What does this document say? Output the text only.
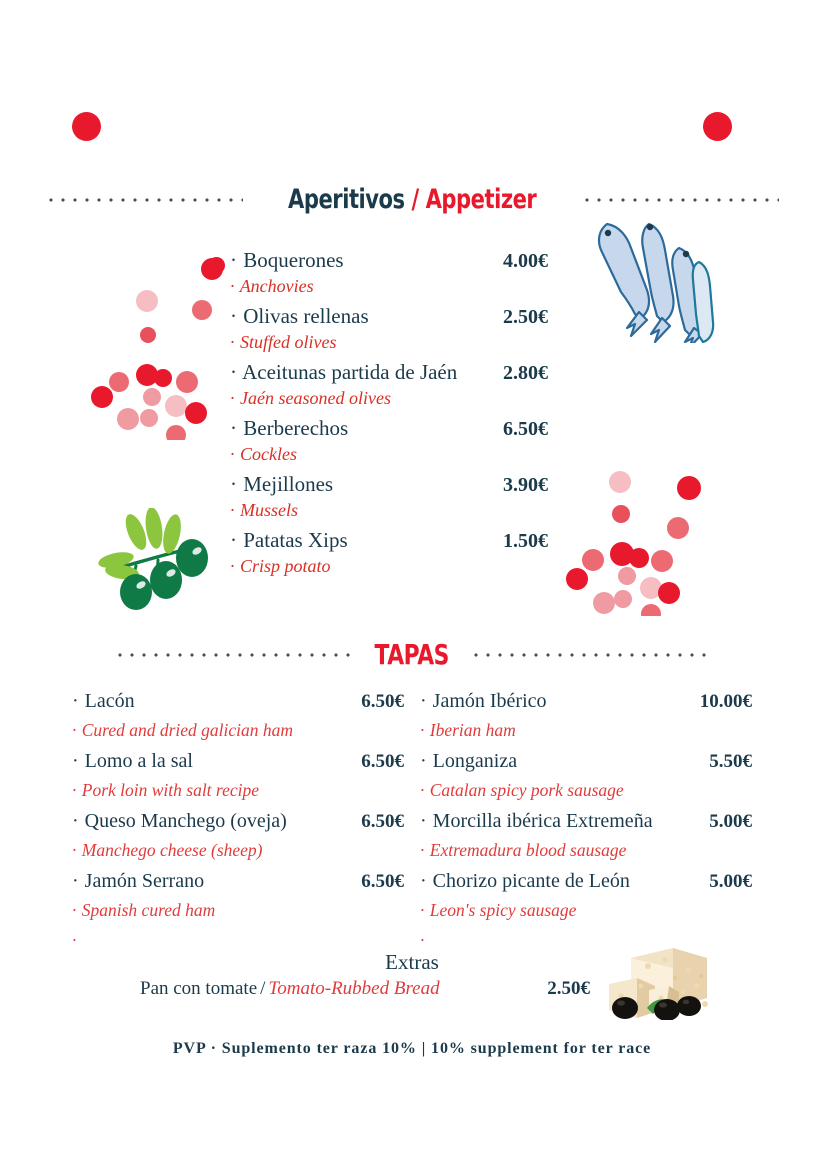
Aperitivos / Appetizer
· Boquerones	4.00€
· Anchovies
· Olivas rellenas	2.50€
· Stuffed olives
· Aceitunas partida de Jaén 2.80€
· Jaén seasoned olives
· Berberechos	6.50€
· Cockles
· Mejillones	3.90€
· Mussels
· Patatas Xips	1.50€
· Crisp potato
TAPAS
· Lacón	6.50€
· Cured and dried galician ham
· Lomo a la sal	6.50€
· Pork loin with salt recipe
· Queso Manchego (oveja)	6.50€
· Manchego cheese (sheep)
· Jamón Serrano	6.50€
· Spanish cured ham
·
· Jamón Ibérico	10.00€
· Iberian ham
· Longaniza	5.50€
· Catalan spicy pork sausage
· Morcilla ibérica Extremeña	5.00€
· Extremadura blood sausage
· Chorizo picante de León	5.00€
· Leon's spicy sausage
·
Extras
Pan con tomate / Tomato-Rubbed Bread	2.50€
PVP · Suplemento ter raza 10% | 10% supplement for ter race
